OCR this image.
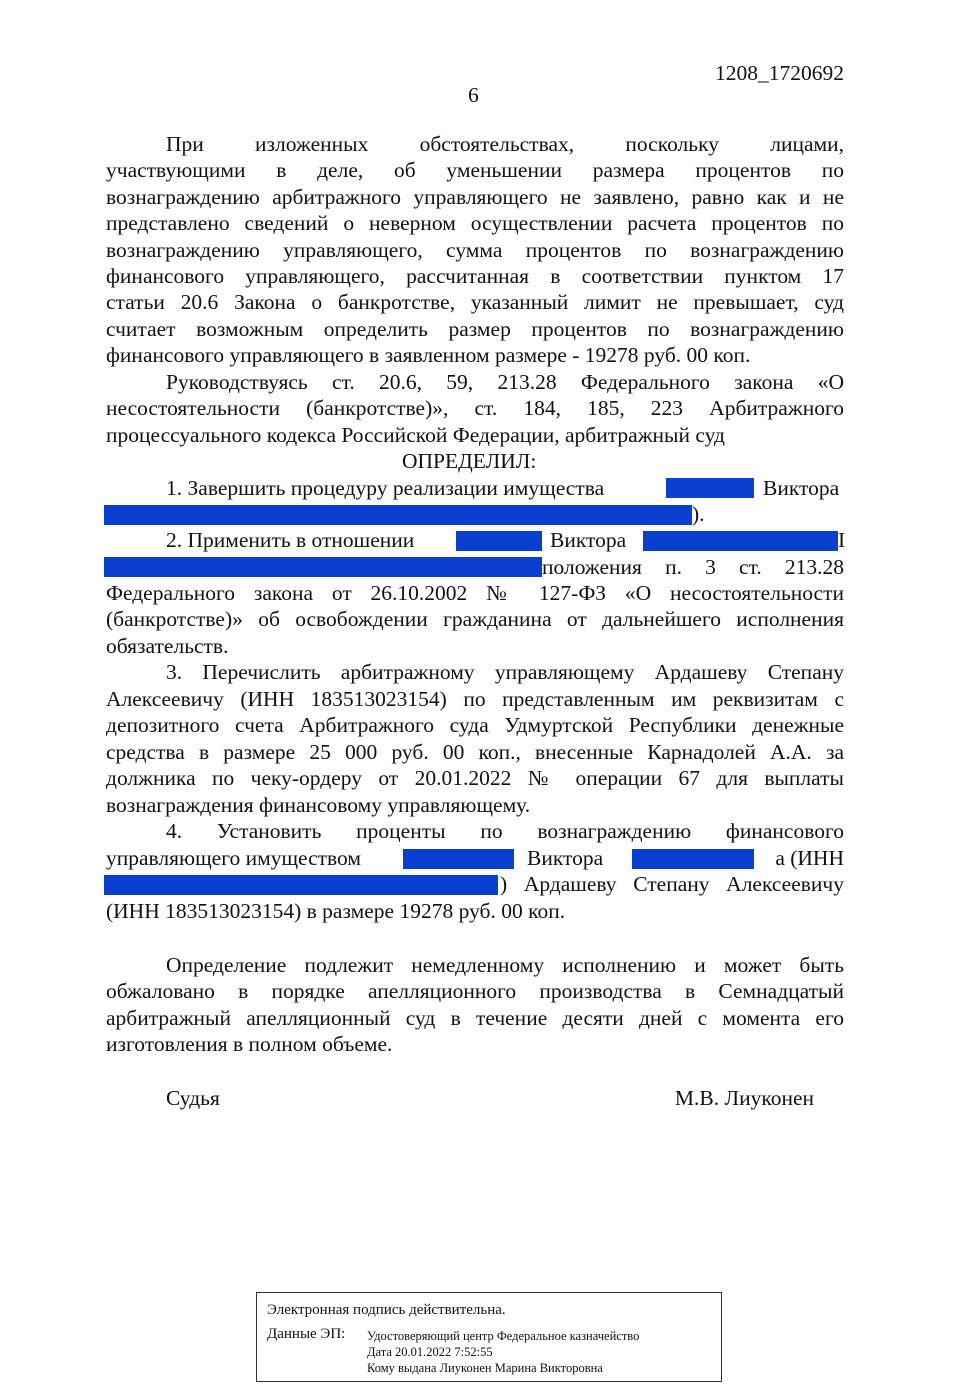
1208_1720692
6
При изложенных обстоятельствах, поскольку лицами,
участвующими в деле, об уменьшении размера процентов по
вознаграждению арбитражного управляющего не заявлено, равно как и не
представлено сведений о неверном осуществлении расчета процентов по
вознаграждению управляющего, сумма процентов по вознаграждению
финансового управляющего, рассчитанная в соответствии пунктом 17
статьи 20.6 Закона о банкротстве, указанный лимит не превышает, суд
считает возможным определить размер процентов по вознаграждению
финансового управляющего в заявленном размере - 19278 руб. 00 коп.
Руководствуясь ст. 20.6, 59, 213.28 Федерального закона «О
несостоятельности (банкротстве)», ст. 184, 185, 223 Арбитражного
процессуального кодекса Российской Федерации, арбитражный суд
ОПРЕДЕЛИЛ:
1. Завершить процедуру реализации имущества	Виктора
).
2. Применить в отношении	Виктора	I
положения п. 3 ст. 213.28
Федерального закона от 26.10.2002 № 127-ФЗ «О несостоятельности
(банкротстве)» об освобождении гражданина от дальнейшего исполнения
обязательств.
3. Перечислить арбитражному управляющему Ардашеву Степану
Алексеевичу (ИНН 183513023154) по представленным им реквизитам с
депозитного счета Арбитражного суда Удмуртской Республики денежные
средства в размере 25 000 руб. 00 коп., внесенные Карнадолей А.А. за
должника по чеку-ордеру от 20.01.2022 № операции 67 для выплаты
вознаграждения финансовому управляющему.
4. Установить проценты по вознаграждению финансового
управляющего имуществом	Виктора	а (ИНН
) Ардашеву Степану Алексеевичу
(ИНН 183513023154) в размере 19278 руб. 00 коп.
Определение подлежит немедленному исполнению и может быть
обжаловано в порядке апелляционного производства в Семнадцатый
арбитражный апелляционный суд в течение десяти дней с момента его
изготовления в полном объеме.
Судья	М.В. Лиуконен
Электронная подпись действительна.
Данные ЭП: Удостоверяющий центр Федеральное казначейство
Дата 20.01.2022 7:52:55
Кому выдана Лиуконен Марина Викторовна
